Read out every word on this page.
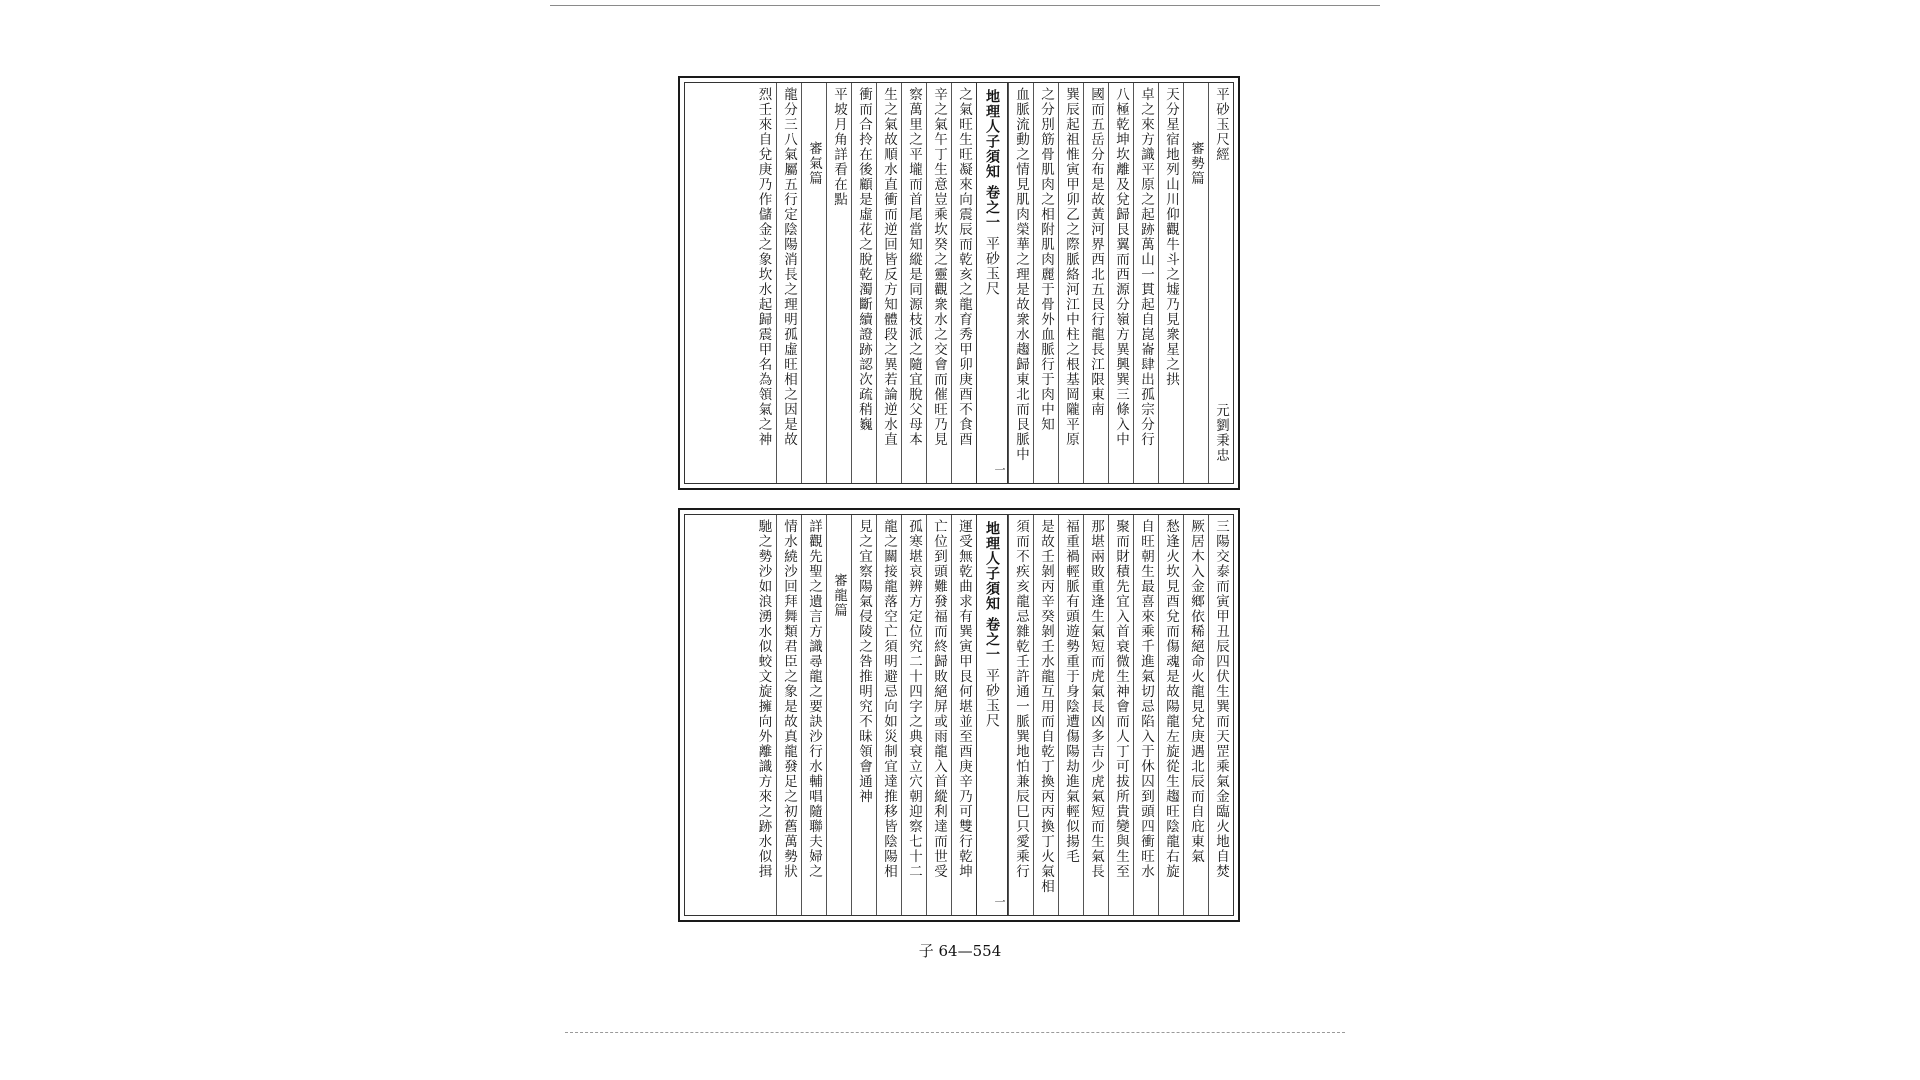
平砂玉尺經
元劉秉忠
審勢篇
天分星宿地列山川仰觀牛斗之墟乃見衆星之拱
卓之來方識平原之起跡萬山一貫起自崑崙肆出孤宗分行
八極乾坤坎離及兌歸艮翼而西源分嶺方異興巽三條入中
國而五岳分布是故黃河界西北五艮行龍長江限東南
巽辰起祖惟寅甲卯乙之際脈絡河江中柱之根基岡隴平原
之分別筋骨肌肉之相附肌肉麗于骨外血脈行于肉中知
血脈流動之情見肌肉榮華之理是故衆水趨歸東北而艮脈中
地理人子須知
卷之一
平砂玉尺
一
之氣旺生旺凝來向震辰而乾亥之龍育秀甲卯庚酉不食酉
辛之氣午丁生意豈乘坎癸之靈觀衆水之交會而催旺乃見
察萬里之平壠而首尾當知縱是同源枝派之隨宜脫父母本
生之氣故順水直衝而逆回皆反方知體段之異若論逆水直
衝而合拎在後顧是虛花之脫乾濁斷續證跡認次疏稍巍
平坡月角詳看在點
審氣篇
龍分三八氣屬五行定陰陽消長之理明孤虛旺相之因是故
烈壬來自兌庚乃作儲金之象坎水起歸震甲名為領氣之神
三陽交泰而寅甲丑辰四伏生巽而天罡乘氣金臨火地自焚
厥居木入金鄉依稀絕命火龍見兌庚遇北辰而自庇東氣
愁逢火坎見酉兌而傷魂是故陽龍左旋從生趨旺陰龍右旋
自旺朝生最喜來乘千進氣切忌陷入于休囚到頭四衝旺水
聚而財積先宜入首衰微生神會而人丁可拔所貴變與生至
那堪兩敗重逢生氣短而虎氣長凶多吉少虎氣短而生氣長
福重禍輕脈有頭遊勢重于身陰遭傷陽劫進氣輕似揚毛
是故壬剝丙辛癸剝壬水龍互用而自乾丁換丙丙換丁火氣相
須而不疾亥龍忌雜乾壬許通一脈巽地怕兼辰巳只愛乘行
地理人子須知
卷之一
平砂玉尺
一
運受無乾曲求有巽寅甲艮何堪並至酉庚辛乃可雙行乾坤
亡位到頭難發福而終歸敗絕屏或雨龍入首縱利達而世受
孤寒堪哀辨方定位究二十四字之典衰立穴朝迎察七十二
龍之關接龍落空亡須明避忌向如災制宜達推移皆陰陽相
見之宜察陽氣侵陵之咎推明究不昧領會通神
審龍篇
詳觀先聖之遺言方識尋龍之要訣沙行水輔唱隨聯夫婦之
情水繞沙回拜舞類君臣之象是故真龍發足之初舊萬勢狀
馳之勢沙如浪湧水似蛟文旋擁向外離識方來之跡水似揖
子 64—554
